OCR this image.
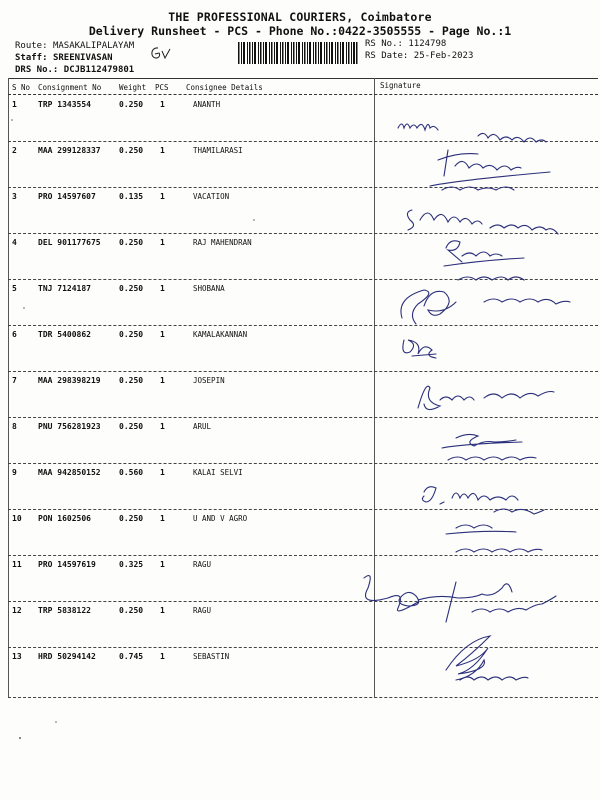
THE PROFESSIONAL COURIERS, Coimbatore
Delivery Runsheet - PCS - Phone No.:0422-3505555 - Page No.:1
Route: MASAKALIPALAYAM
Staff: SREENIVASAN
DRS No.: DCJB112479801
RS No.: 1124798
RS Date: 25-Feb-2023
S No Consignment No Weight PCS Consignee Details	Signature
1	TRP 1343554	0.250 1	ANANTH
2	MAA 299128337 0.250 1	THAMILARASI
3	PRO 14597607	0.135 1	VACATION
4	DEL 901177675 0.250 1	RAJ MAHENDRAN
5	TNJ 7124187	0.250 1	SHOBANA
6	TDR 5400862	0.250 1	KAMALAKANNAN
7	MAA 298398219 0.250 1	JOSEPIN
8	PNU 756281923 0.250 1	ARUL
9	MAA 942850152 0.560 1	KALAI SELVI
10 PON 1602506	0.250 1	U AND V AGRO
11 PRO 14597619	0.325 1	RAGU
12 TRP 5838122	0.250 1	RAGU
13 HRD 50294142	0.745 1	SEBASTIN
